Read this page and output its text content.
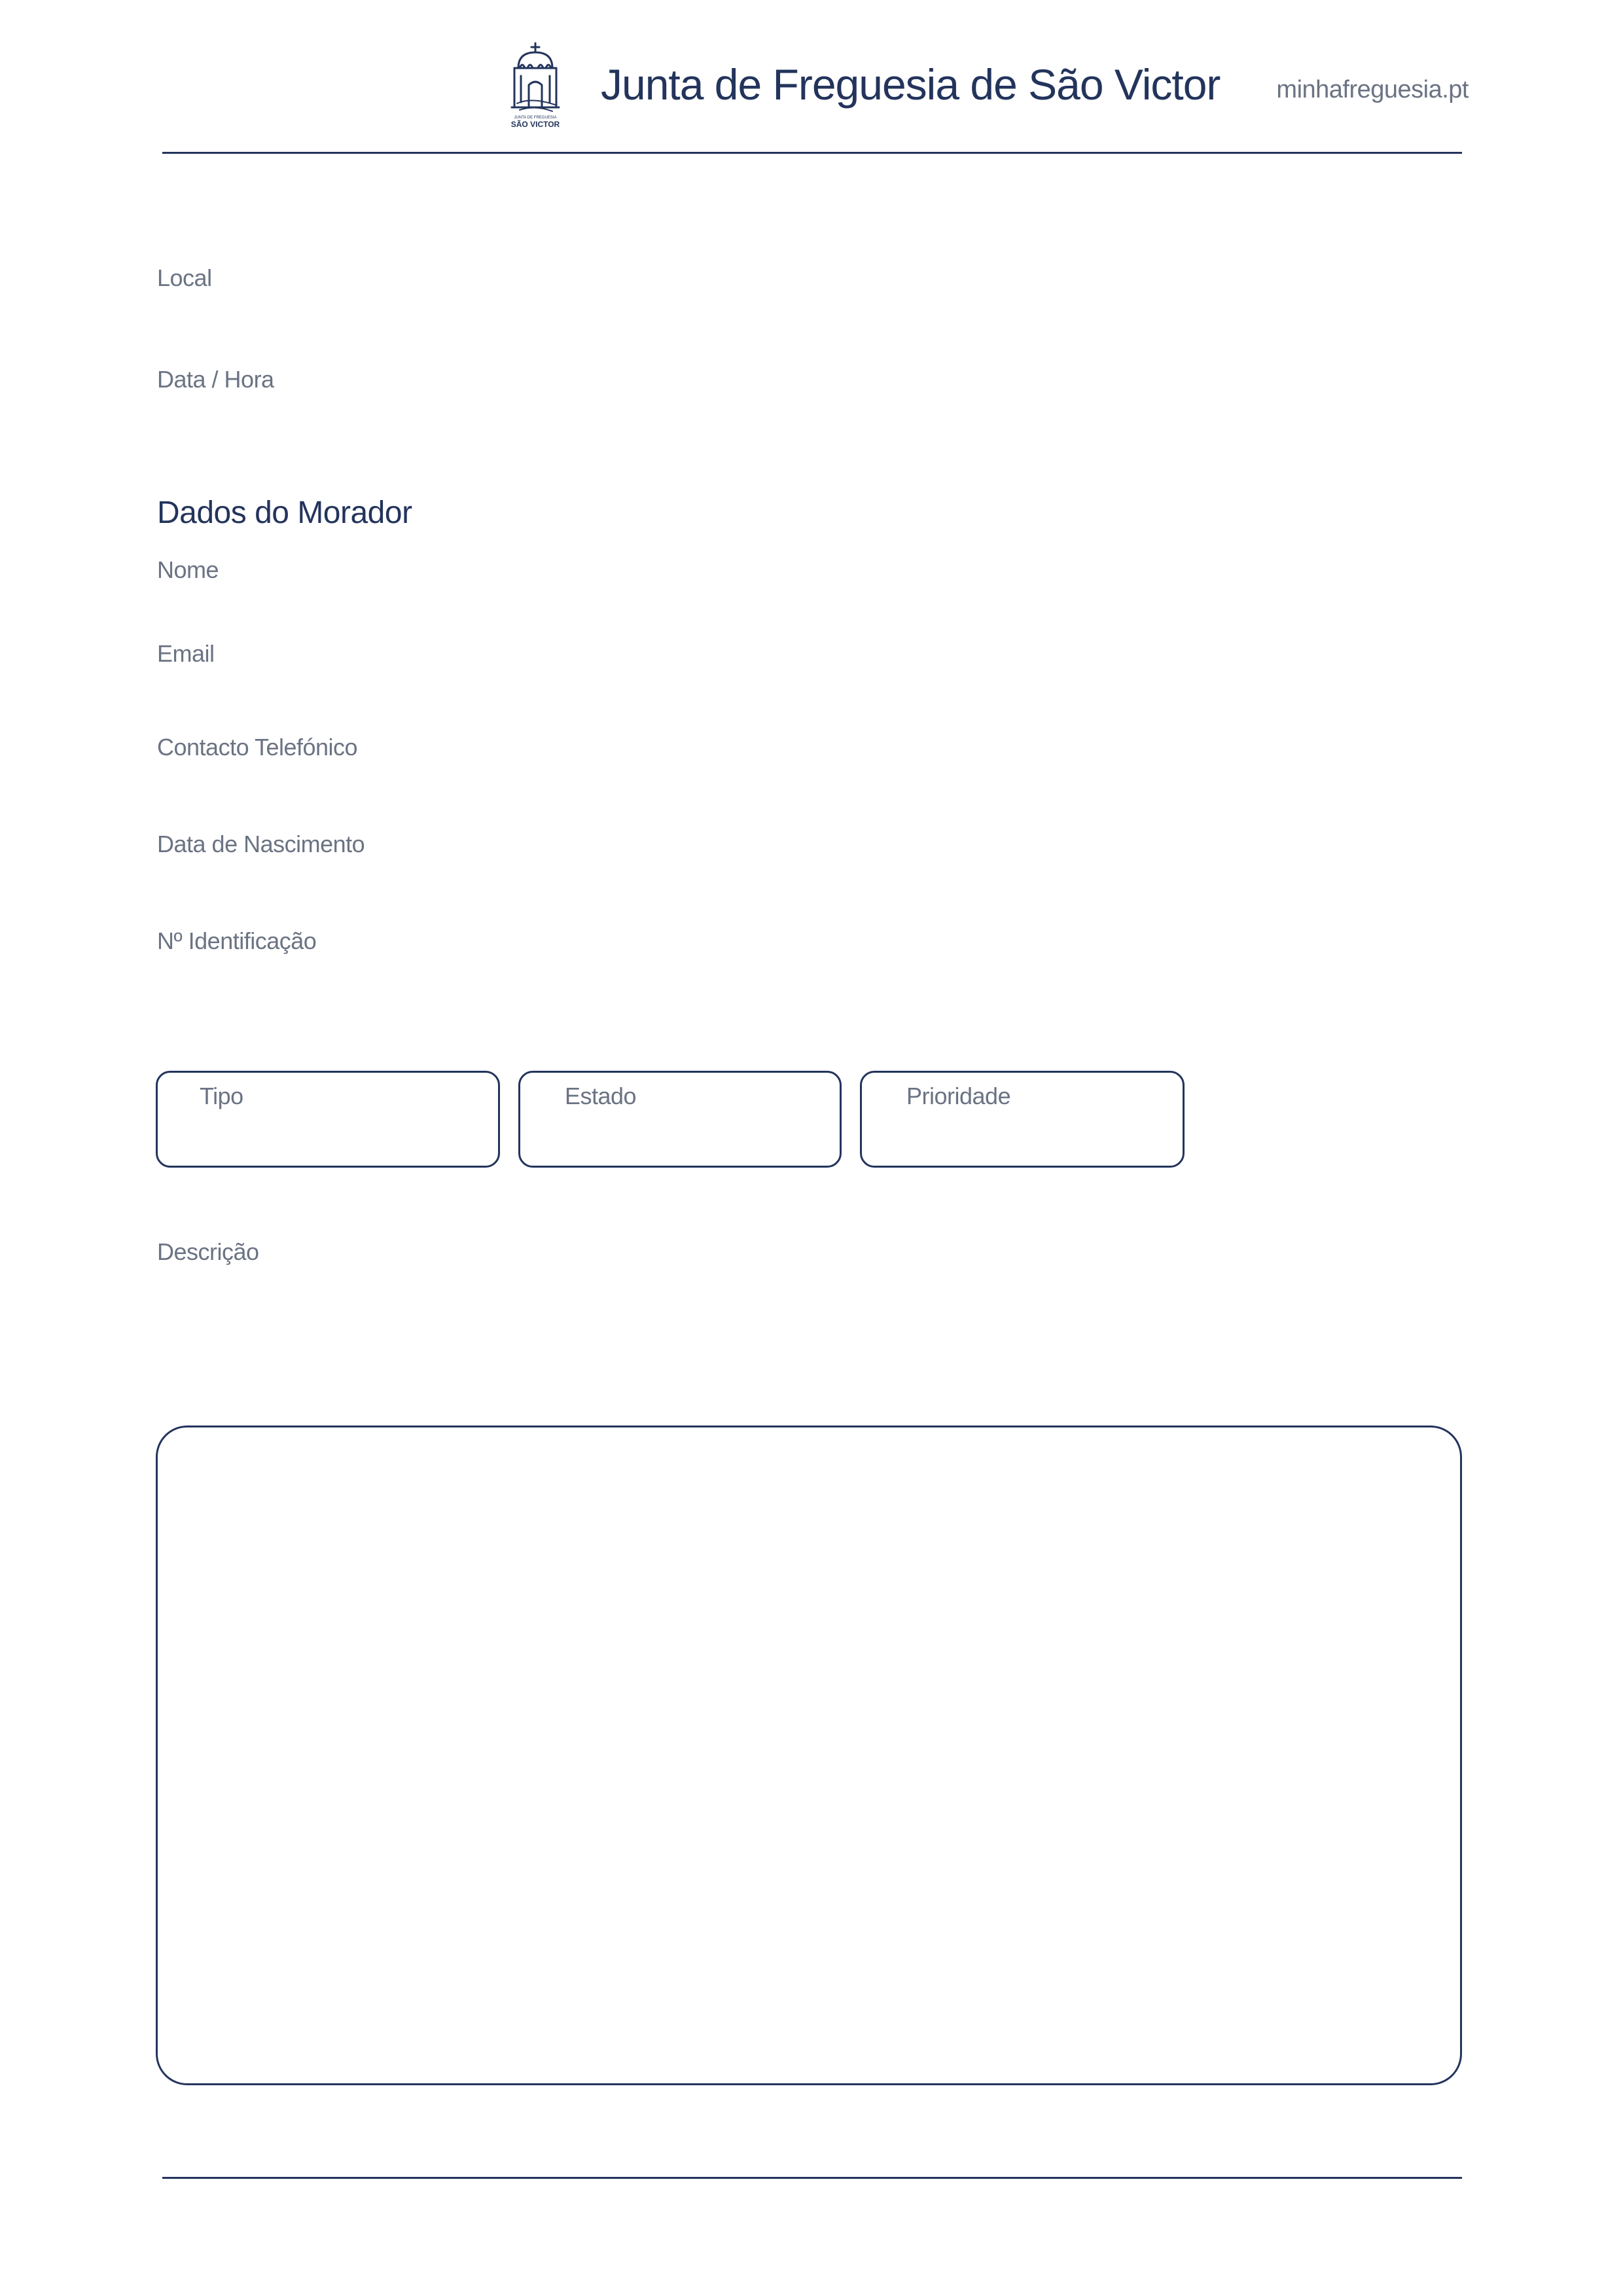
JUNTA DE FREGUESIA
SÃO VICTOR
Junta de Freguesia de São Victor minhafreguesia.pt
Local
Data / Hora
Dados do Morador
Nome
Email
Contacto Telefónico
Data de Nascimento
Nº Identificação
Tipo	Estado	Prioridade
Descrição
